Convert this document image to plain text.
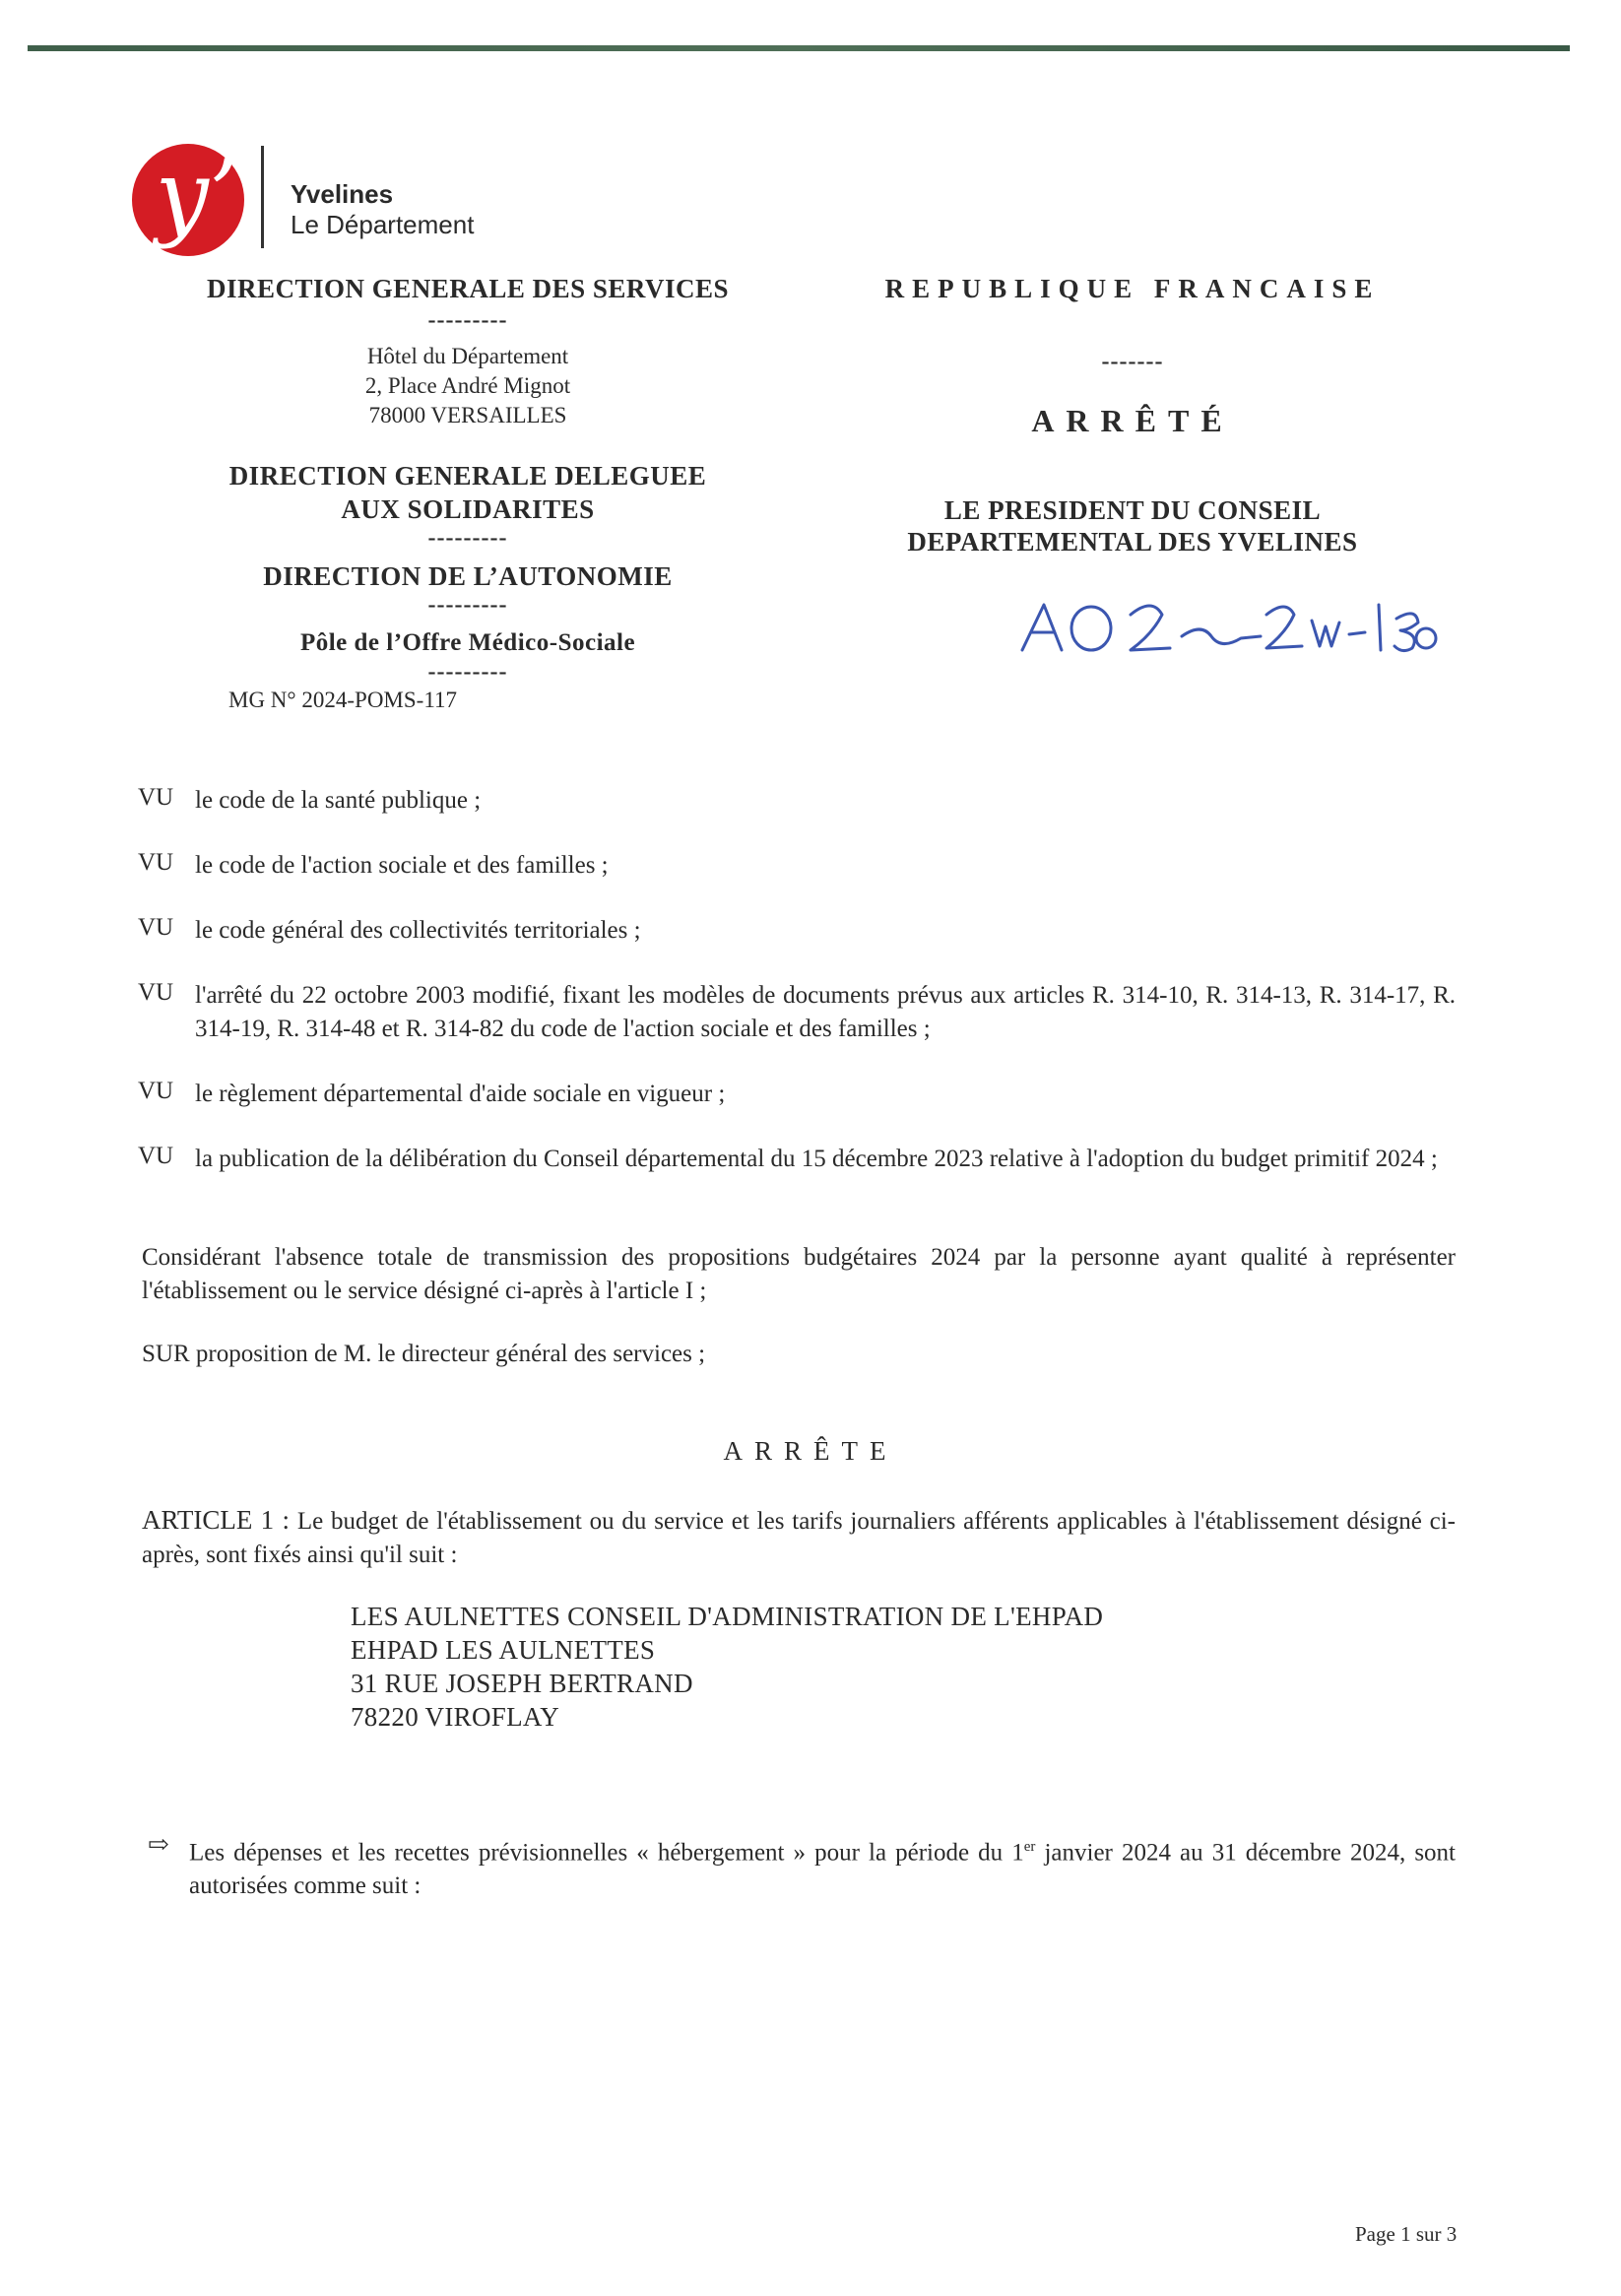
y’ Yvelines
Le Département
DIRECTION GENERALE DES SERVICES
---------
Hôtel du Département
2, Place André Mignot
78000 VERSAILLES
DIRECTION GENERALE DELEGUEE
AUX SOLIDARITES
---------
DIRECTION DE L’AUTONOMIE
---------
Pôle de l’Offre Médico-Sociale
---------
MG N° 2024-POMS-117
REPUBLIQUE FRANCAISE
-------
ARRÊTÉ
LE PRESIDENT DU CONSEIL
DEPARTEMENTAL DES YVELINES
AO 2024-130
VU le code de la santé publique ;
VU le code de l'action sociale et des familles ;
VU le code général des collectivités territoriales ;
VU l'arrêté du 22 octobre 2003 modifié, fixant les modèles de documents prévus aux articles R. 314-10, R. 314-13, R. 314-17, R. 314-19, R. 314-48 et R. 314-82 du code de l'action sociale et des familles ;
VU le règlement départemental d'aide sociale en vigueur ;
VU la publication de la délibération du Conseil départemental du 15 décembre 2023 relative à l'adoption du budget primitif 2024 ;
Considérant l'absence totale de transmission des propositions budgétaires 2024 par la personne ayant qualité à représenter l'établissement ou le service désigné ci-après à l'article I ;
SUR proposition de M. le directeur général des services ;
ARRÊTE
ARTICLE 1 : Le budget de l'établissement ou du service et les tarifs journaliers afférents applicables à l'établissement désigné ci-après, sont fixés ainsi qu'il suit :
LES AULNETTES CONSEIL D'ADMINISTRATION DE L'EHPAD
EHPAD LES AULNETTES
31 RUE JOSEPH BERTRAND
78220 VIROFLAY
⇨ Les dépenses et les recettes prévisionnelles « hébergement » pour la période du 1er janvier 2024 au 31 décembre 2024, sont autorisées comme suit :
Page 1 sur 3
